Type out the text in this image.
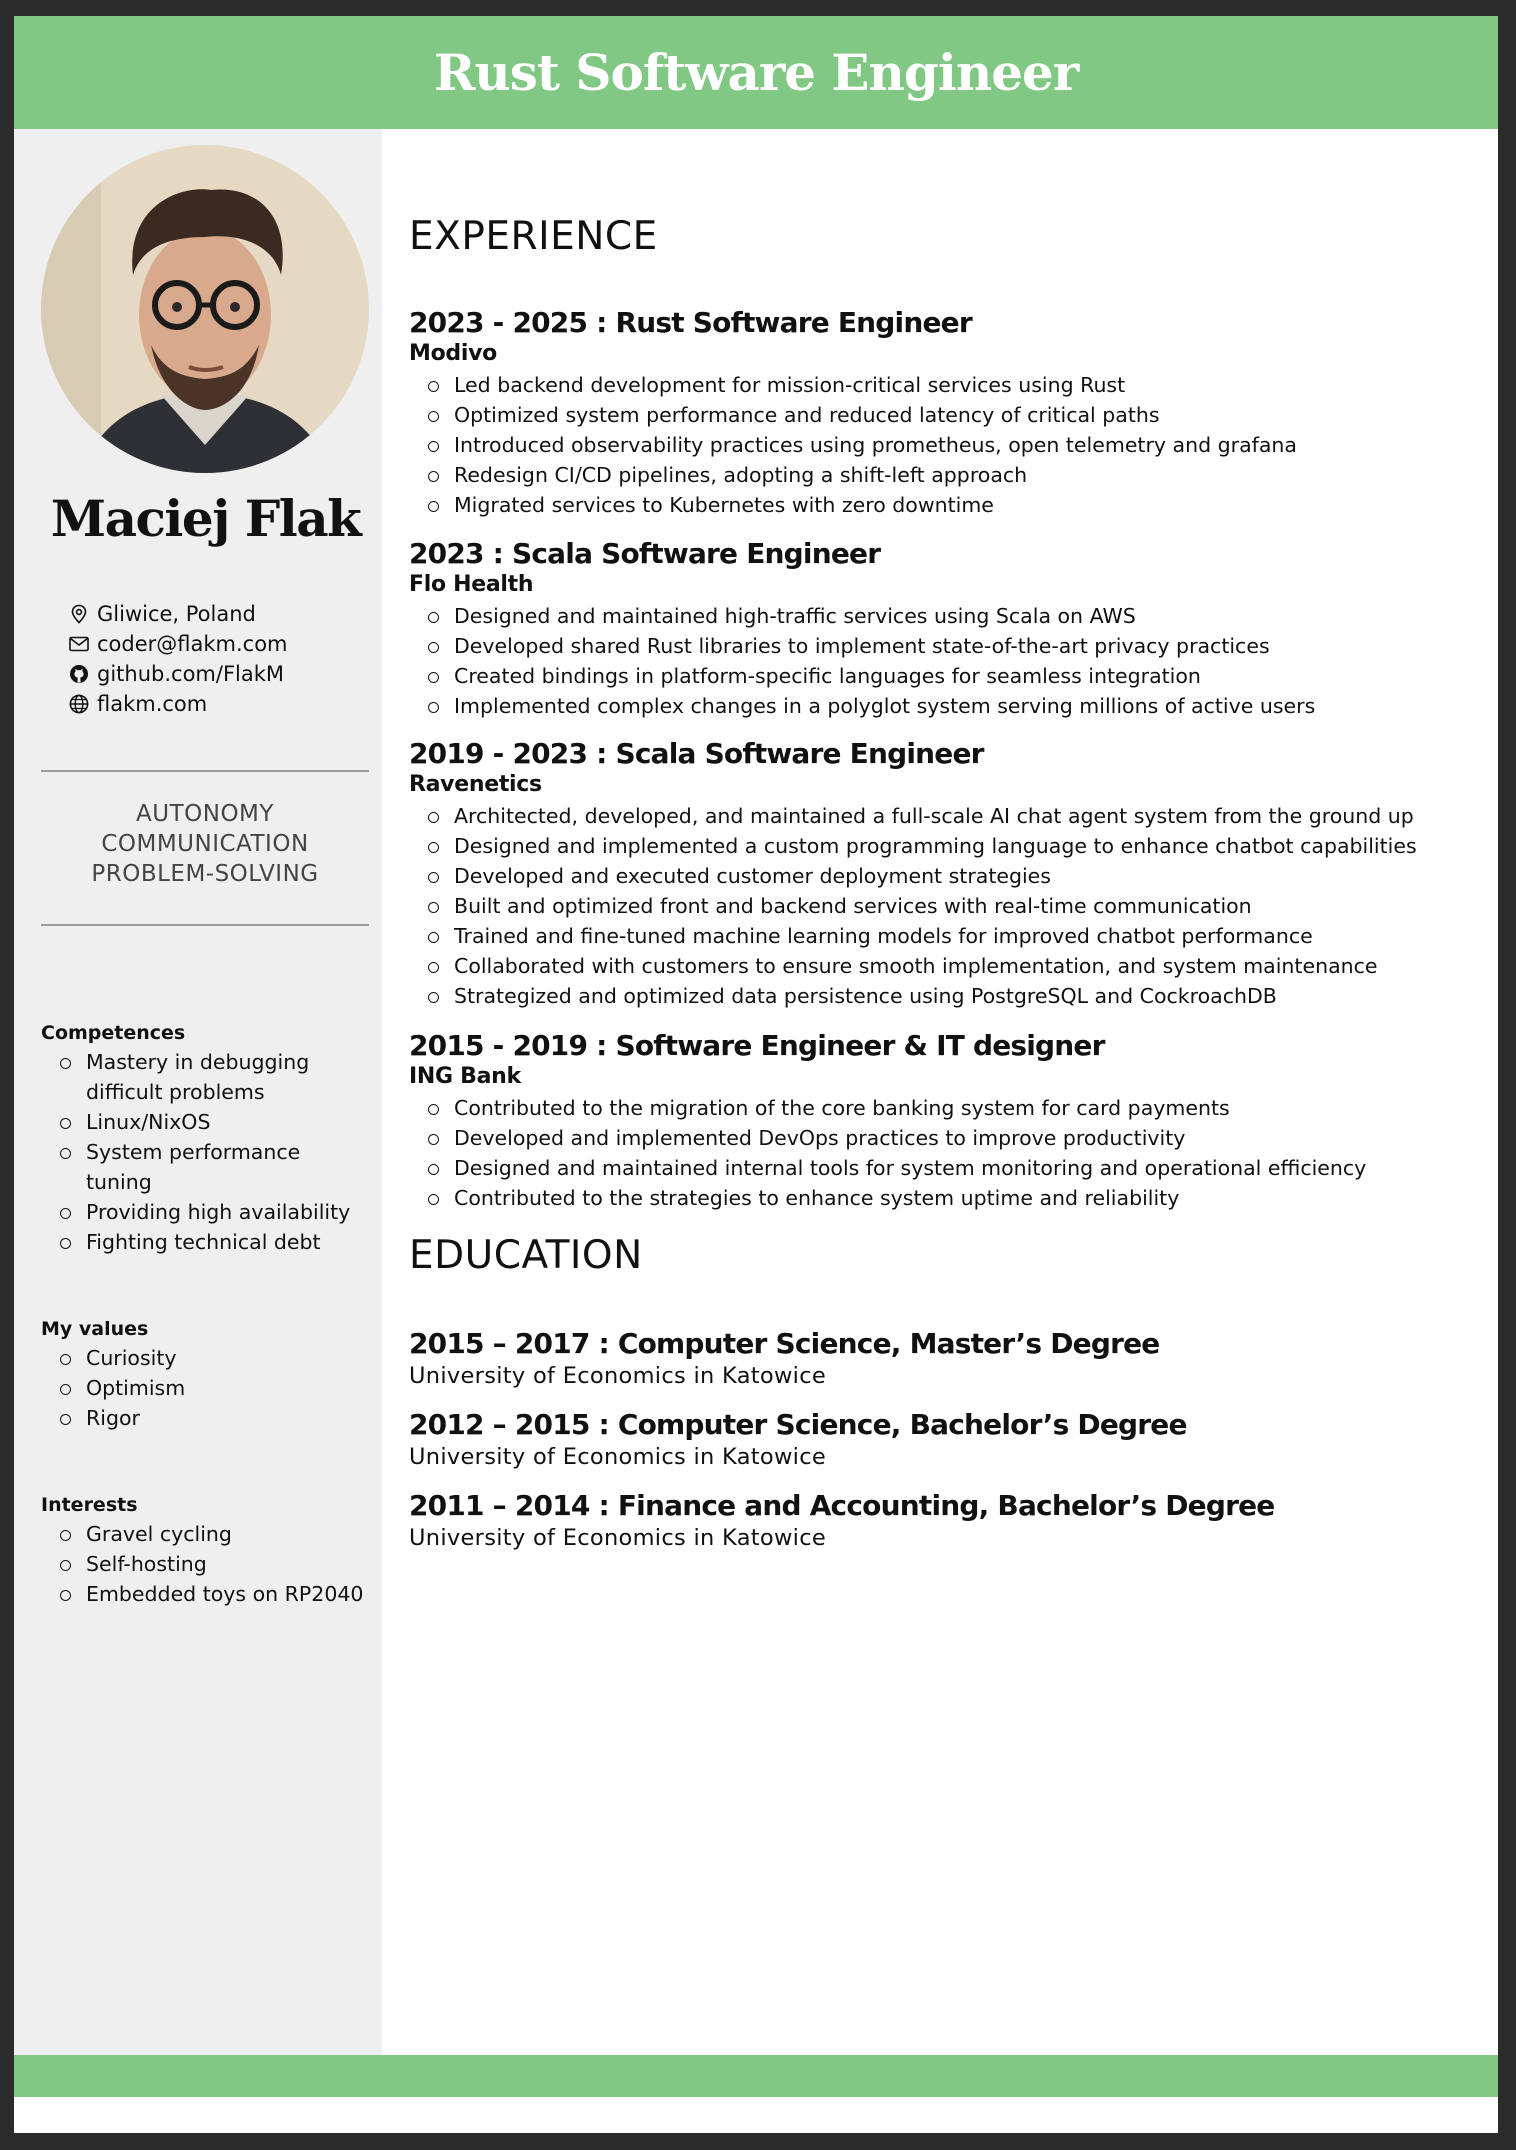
Rust Software Engineer
Maciej Flak
Gliwice, Poland
coder@flakm.com
github.com/FlakM
flakm.com
AUTONOMY
COMMUNICATION
PROBLEM-SOLVING
Competences
Mastery in debugging difficult problems
Linux/NixOS
System performance tuning
Providing high availability
Fighting technical debt
My values
Curiosity
Optimism
Rigor
Interests
Gravel cycling
Self-hosting
Embedded toys on RP2040
EXPERIENCE
2023 - 2025 : Rust Software Engineer
Modivo
Led backend development for mission-critical services using Rust
Optimized system performance and reduced latency of critical paths
Introduced observability practices using prometheus, open telemetry and grafana
Redesign CI/CD pipelines, adopting a shift-left approach
Migrated services to Kubernetes with zero downtime
2023 : Scala Software Engineer
Flo Health
Designed and maintained high-traffic services using Scala on AWS
Developed shared Rust libraries to implement state-of-the-art privacy practices
Created bindings in platform-specific languages for seamless integration
Implemented complex changes in a polyglot system serving millions of active users
2019 - 2023 : Scala Software Engineer
Ravenetics
Architected, developed, and maintained a full-scale AI chat agent system from the ground up
Designed and implemented a custom programming language to enhance chatbot capabilities
Developed and executed customer deployment strategies
Built and optimized front and backend services with real-time communication
Trained and fine-tuned machine learning models for improved chatbot performance
Collaborated with customers to ensure smooth implementation, and system maintenance
Strategized and optimized data persistence using PostgreSQL and CockroachDB
2015 - 2019 : Software Engineer & IT designer
ING Bank
Contributed to the migration of the core banking system for card payments
Developed and implemented DevOps practices to improve productivity
Designed and maintained internal tools for system monitoring and operational efficiency
Contributed to the strategies to enhance system uptime and reliability
EDUCATION
2015 – 2017 : Computer Science, Master’s Degree
University of Economics in Katowice
2012 – 2015 : Computer Science, Bachelor’s Degree
University of Economics in Katowice
2011 – 2014 : Finance and Accounting, Bachelor’s Degree
University of Economics in Katowice
